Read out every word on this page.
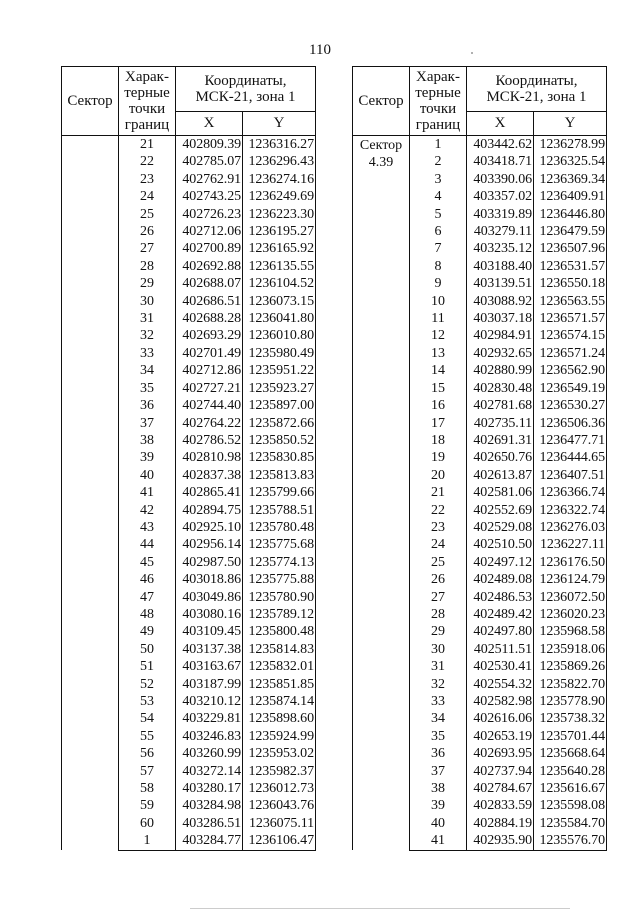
110
Сектор	Харак-
терные
точки
границ	Координаты,
МСК-21, зона 1	
		X	Y

	21	402809.39	1236316.27
	22	402785.07	1236296.43
	23	402762.91	1236274.16
	24	402743.25	1236249.69
	25	402726.23	1236223.30
	26	402712.06	1236195.27
	27	402700.89	1236165.92
	28	402692.88	1236135.55
	29	402688.07	1236104.52
	30	402686.51	1236073.15
	31	402688.28	1236041.80
	32	402693.29	1236010.80
	33	402701.49	1235980.49
	34	402712.86	1235951.22
	35	402727.21	1235923.27
	36	402744.40	1235897.00
	37	402764.22	1235872.66
	38	402786.52	1235850.52
	39	402810.98	1235830.85
	40	402837.38	1235813.83
	41	402865.41	1235799.66
	42	402894.75	1235788.51
	43	402925.10	1235780.48
	44	402956.14	1235775.68
	45	402987.50	1235774.13
	46	403018.86	1235775.88
	47	403049.86	1235780.90
	48	403080.16	1235789.12
	49	403109.45	1235800.48
	50	403137.38	1235814.83
	51	403163.67	1235832.01
	52	403187.99	1235851.85
	53	403210.12	1235874.14
	54	403229.81	1235898.60
	55	403246.83	1235924.99
	56	403260.99	1235953.02
	57	403272.14	1235982.37
	58	403280.17	1236012.73
	59	403284.98	1236043.76
	60	403286.51	1236075.11
	1	403284.77	1236106.47
Сектор	Харак-
терные
точки
границ	Координаты,
МСК-21, зона 1	
		X	Y

Сектор
4.39	1	403442.62	1236278.99
	2	403418.71	1236325.54
	3	403390.06	1236369.34
	4	403357.02	1236409.91
	5	403319.89	1236446.80
	6	403279.11	1236479.59
	7	403235.12	1236507.96
	8	403188.40	1236531.57
	9	403139.51	1236550.18
	10	403088.92	1236563.55
	11	403037.18	1236571.57
	12	402984.91	1236574.15
	13	402932.65	1236571.24
	14	402880.99	1236562.90
	15	402830.48	1236549.19
	16	402781.68	1236530.27
	17	402735.11	1236506.36
	18	402691.31	1236477.71
	19	402650.76	1236444.65
	20	402613.87	1236407.51
	21	402581.06	1236366.74
	22	402552.69	1236322.74
	23	402529.08	1236276.03
	24	402510.50	1236227.11
	25	402497.12	1236176.50
	26	402489.08	1236124.79
	27	402486.53	1236072.50
	28	402489.42	1236020.23
	29	402497.80	1235968.58
	30	402511.51	1235918.06
	31	402530.41	1235869.26
	32	402554.32	1235822.70
	33	402582.98	1235778.90
	34	402616.06	1235738.32
	35	402653.19	1235701.44
	36	402693.95	1235668.64
	37	402737.94	1235640.28
	38	402784.67	1235616.67
	39	402833.59	1235598.08
	40	402884.19	1235584.70
	41	402935.90	1235576.70
